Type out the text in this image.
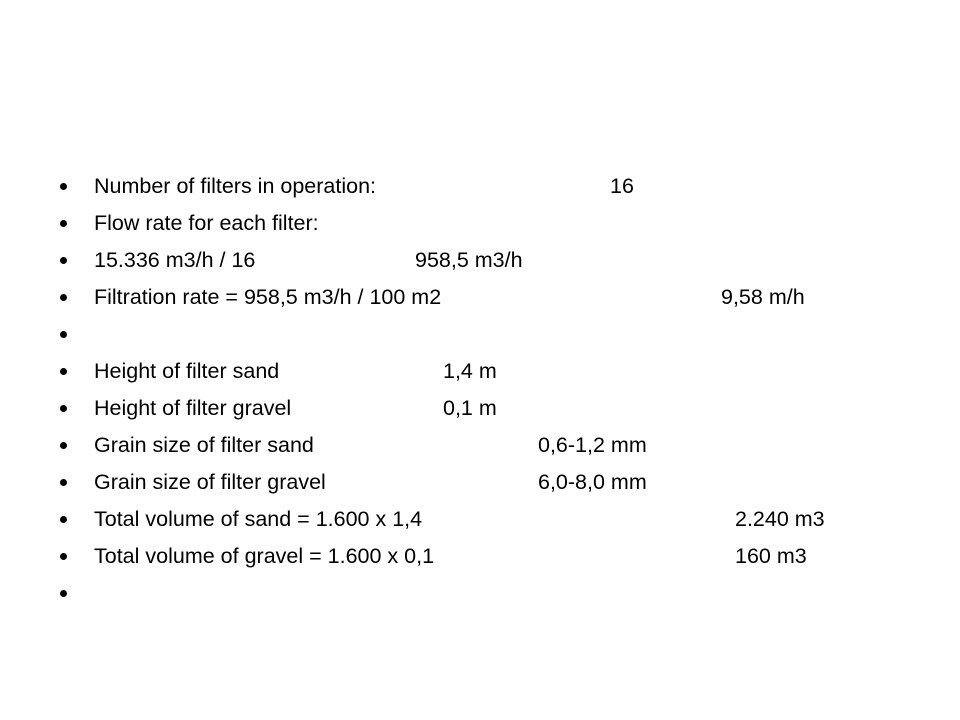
Number of filters in operation:	16
Flow rate for each filter:
15.336 m3/h / 16	958,5 m3/h
Filtration rate = 958,5 m3/h / 100 m2	9,58 m/h
Height of filter sand	1,4 m
Height of filter gravel	0,1 m
Grain size of filter sand	0,6-1,2 mm
Grain size of filter gravel	6,0-8,0 mm
Total volume of sand = 1.600 x 1,4	2.240 m3
Total volume of gravel = 1.600 x 0,1	160 m3
